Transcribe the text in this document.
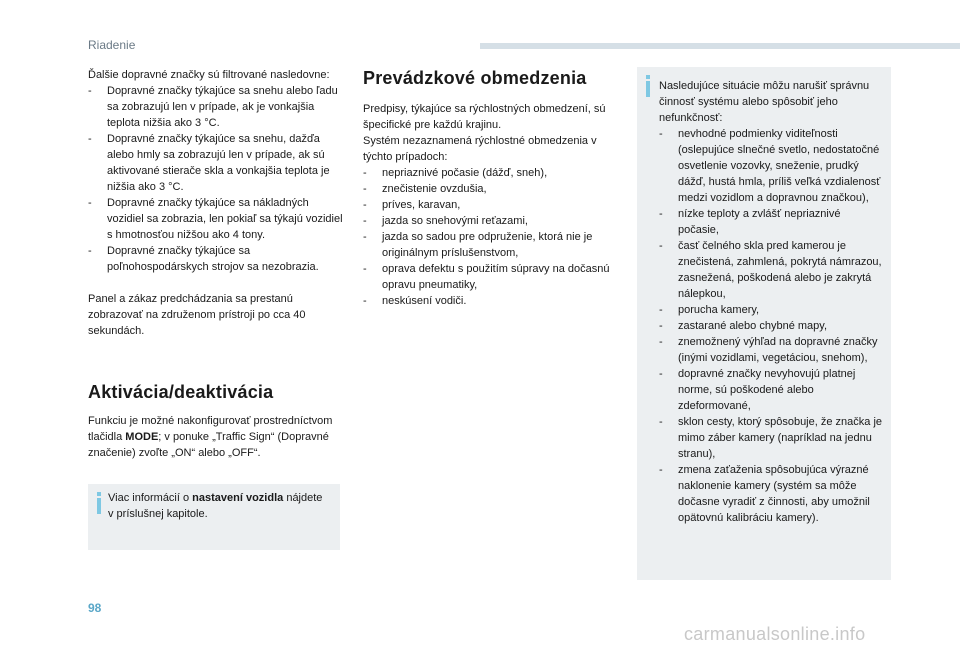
Riadenie

Ďalšie dopravné značky sú filtrované nasledovne:

- Dopravné značky týkajúce sa snehu alebo ľadu sa zobrazujú len v prípade, ak je vonkajšia teplota nižšia ako 3 °C.
- Dopravné značky týkajúce sa snehu, dažďa alebo hmly sa zobrazujú len v prípade, ak sú aktivované stierače skla a vonkajšia teplota je nižšia ako 3 °C.
- Dopravné značky týkajúce sa nákladných vozidiel sa zobrazia, len pokiaľ sa týkajú vozidiel s hmotnosťou nižšou ako 4 tony.
- Dopravné značky týkajúce sa poľnohospodárskych strojov sa nezobrazia.

Panel a zákaz predchádzania sa prestanú zobrazovať na združenom prístroji po cca 40 sekundách.

Aktivácia/deaktivácia

Funkciu je možné nakonfigurovať prostredníctvom tlačidla MODE; v ponuke „Traffic Sign“ (Dopravné značenie) zvoľte „ON“ alebo „OFF“.

Viac informácií o nastavení vozidla nájdete v príslušnej kapitole.

Prevádzkové obmedzenia

Predpisy, týkajúce sa rýchlostných obmedzení, sú špecifické pre každú krajinu.

Systém nezaznamená rýchlostné obmedzenia v týchto prípadoch:

- nepriaznivé počasie (dážď, sneh),
- znečistenie ovzdušia,
- príves, karavan,
- jazda so snehovými reťazami,
- jazda so sadou pre odpruženie, ktorá nie je originálnym príslušenstvom,
- oprava defektu s použitím súpravy na dočasnú opravu pneumatiky,
- neskúsení vodiči.

Nasledujúce situácie môžu narušiť správnu činnosť systému alebo spôsobiť jeho nefunkčnosť:

- nevhodné podmienky viditeľnosti (oslepujúce slnečné svetlo, nedostatočné osvetlenie vozovky, sneženie, prudký dážď, hustá hmla, príliš veľká vzdialenosť medzi vozidlom a dopravnou značkou),
- nízke teploty a zvlášť nepriaznivé počasie,
- časť čelného skla pred kamerou je znečistená, zahmlená, pokrytá námrazou, zasnežená, poškodená alebo je zakrytá nálepkou,
- porucha kamery,
- zastarané alebo chybné mapy,
- znemožnený výhľad na dopravné značky (inými vozidlami, vegetáciou, snehom),
- dopravné značky nevyhovujú platnej norme, sú poškodené alebo zdeformované,
- sklon cesty, ktorý spôsobuje, že značka je mimo záber kamery (napríklad na jednu stranu),
- zmena zaťaženia spôsobujúca výrazné naklonenie kamery (systém sa môže dočasne vyradiť z činnosti, aby umožnil opätovnú kalibráciu kamery).
98
carmanualsonline.info
